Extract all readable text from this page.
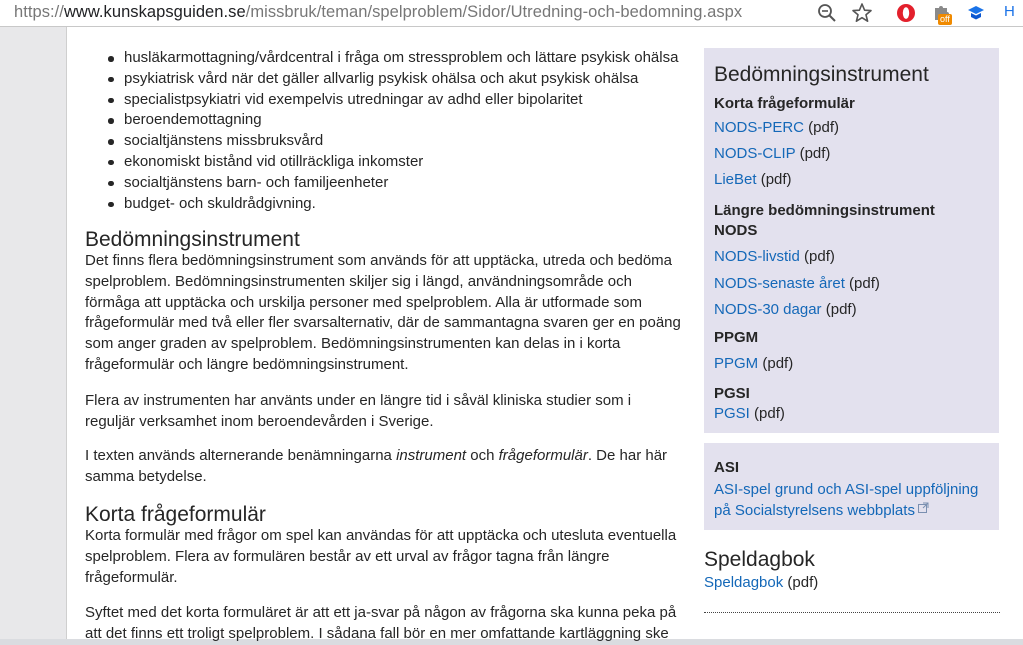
https://www.kunskapsguiden.se/missbruk/teman/spelproblem/Sidor/Utredning-och-bedomning.aspx	off	H
husläkarmottagning/vårdcentral i fråga om stressproblem och lättare psykisk ohälsa
psykiatrisk vård när det gäller allvarlig psykisk ohälsa och akut psykisk ohälsa
specialistpsykiatri vid exempelvis utredningar av adhd eller bipolaritet
beroendemottagning
socialtjänstens missbruksvård
ekonomiskt bistånd vid otillräckliga inkomster
socialtjänstens barn- och familjeenheter
budget- och skuldrådgivning.
Bedömningsinstrument
Det finns flera bedömningsinstrument som används för att upptäcka, utreda och bedöma
spelproblem. Bedömningsinstrumenten skiljer sig i längd, användningsområde och
förmåga att upptäcka och urskilja personer med spelproblem. Alla är utformade som
frågeformulär med två eller fler svarsalternativ, där de sammantagna svaren ger en poäng
som anger graden av spelproblem. Bedömningsinstrumenten kan delas in i korta
frågeformulär och längre bedömningsinstrument.
Flera av instrumenten har använts under en längre tid i såväl kliniska studier som i
reguljär verksamhet inom beroendevården i Sverige.
I texten används alternerande benämningarna instrument och frågeformulär. De har här
samma betydelse.
Korta frågeformulär
Korta formulär med frågor om spel kan användas för att upptäcka och utesluta eventuella
spelproblem. Flera av formulären består av ett urval av frågor tagna från längre
frågeformulär.
Syftet med det korta formuläret är att ett ja-svar på någon av frågorna ska kunna peka på
att det finns ett troligt spelproblem. I sådana fall bör en mer omfattande kartläggning ske
Bedömningsinstrument
Korta frågeformulär
NODS-PERC (pdf)
NODS-CLIP (pdf)
LieBet (pdf)
Längre bedömningsinstrument
NODS
NODS-livstid (pdf)
NODS-senaste året (pdf)
NODS-30 dagar (pdf)
PPGM
PPGM (pdf)
PGSI
PGSI (pdf)
ASI
ASI-spel grund och ASI-spel uppföljning
på Socialstyrelsens webbplats
Speldagbok
Speldagbok (pdf)
